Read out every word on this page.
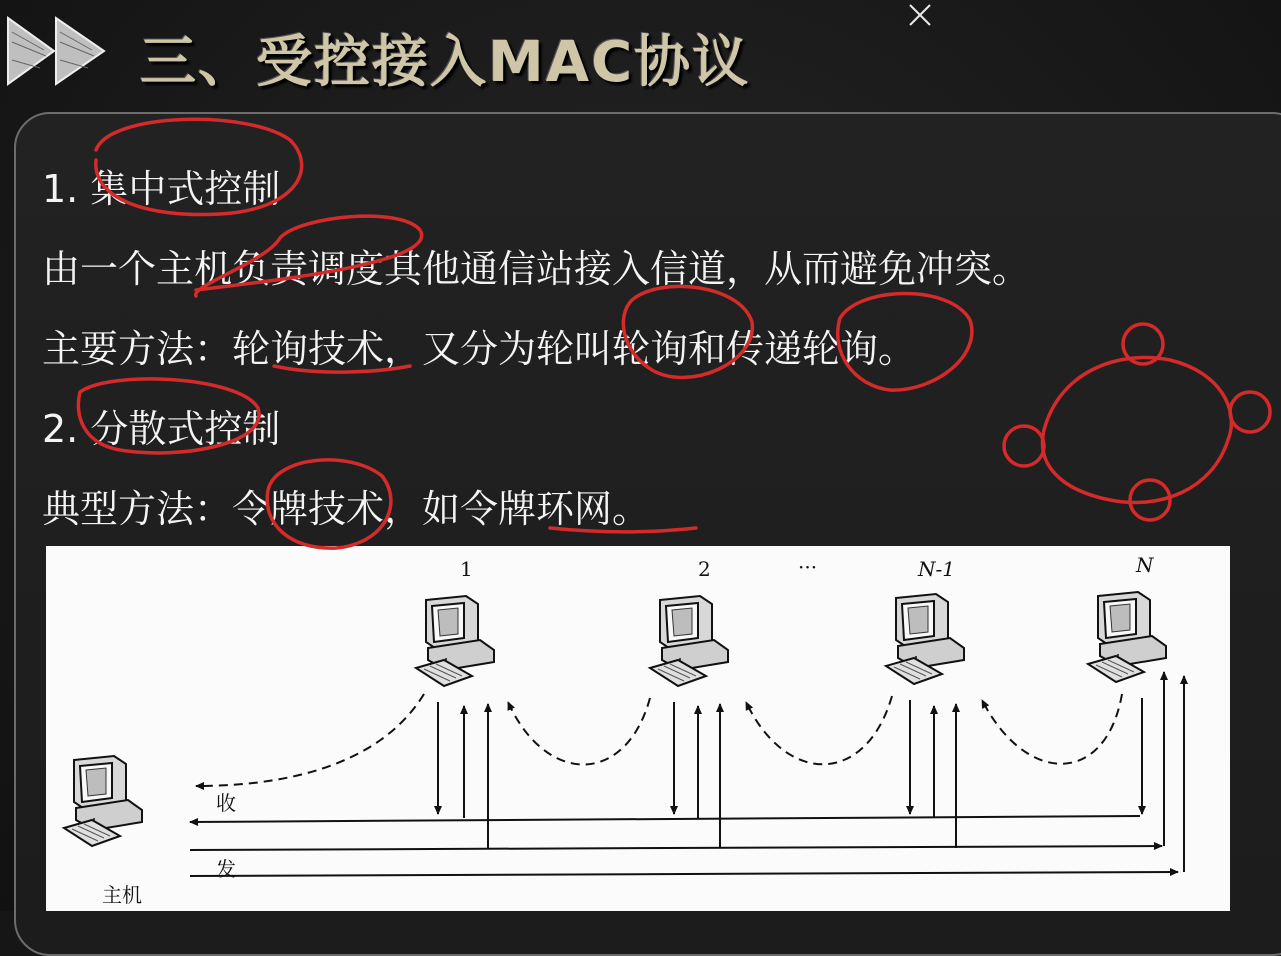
三、受控接入MAC协议
1. 集中式控制
由一个主机负责调度其他通信站接入信道，从而避免冲突。
主要方法：轮询技术，又分为轮叫轮询和传递轮询。
2. 分散式控制
典型方法：令牌技术，如令牌环网。
1	2	···	N-1	N
收
发
主机
